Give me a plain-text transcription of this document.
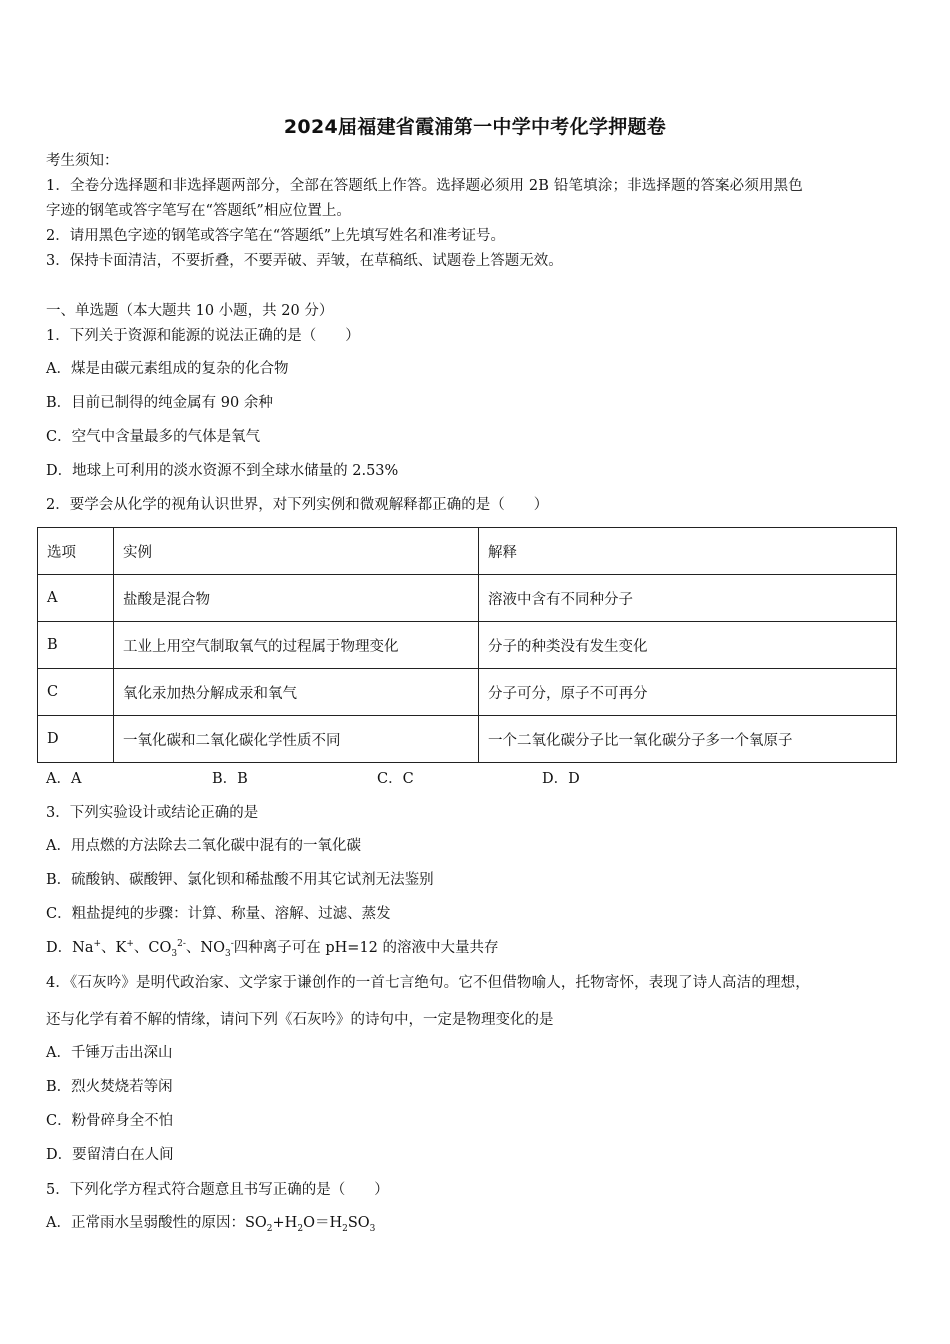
2024届福建省霞浦第一中学中考化学押题卷
考生须知：
1．全卷分选择题和非选择题两部分，全部在答题纸上作答。选择题必须用 2B 铅笔填涂；非选择题的答案必须用黑色
字迹的钢笔或答字笔写在“答题纸”相应位置上。
2．请用黑色字迹的钢笔或答字笔在“答题纸”上先填写姓名和准考证号。
3．保持卡面清洁，不要折叠，不要弄破、弄皱，在草稿纸、试题卷上答题无效。
一、单选题（本大题共 10 小题，共 20 分）
1．下列关于资源和能源的说法正确的是（　　）
A．煤是由碳元素组成的复杂的化合物
B．目前已制得的纯金属有 90 余种
C．空气中含量最多的气体是氧气
D．地球上可利用的淡水资源不到全球水储量的 2.53%
2．要学会从化学的视角认识世界，对下列实例和微观解释都正确的是（　　）
选项	实例	解释
A	盐酸是混合物	溶液中含有不同种分子
B	工业上用空气制取氧气的过程属于物理变化	分子的种类没有发生变化
C	氧化汞加热分解成汞和氧气	分子可分，原子不可再分
D	一氧化碳和二氧化碳化学性质不同	一个二氧化碳分子比一氧化碳分子多一个氧原子
A．A	B．B	C．C	D．D
3．下列实验设计或结论正确的是
A．用点燃的方法除去二氧化碳中混有的一氧化碳
B．硫酸钠、碳酸钾、氯化钡和稀盐酸不用其它试剂无法鉴别
C．粗盐提纯的步骤：计算、称量、溶解、过滤、蒸发
D．Na+、K+、$CO_3^{2-}$、$NO_3^-$四种离子可在 pH=12 的溶液中大量共存
4．《石灰吟》是明代政治家、文学家于谦创作的一首七言绝句。它不但借物喻人，托物寄怀，表现了诗人高洁的理想，
还与化学有着不解的情缘，请问下列《石灰吟》的诗句中，一定是物理变化的是
A．千锤万击出深山
B．烈火焚烧若等闲
C．粉骨碎身全不怕
D．要留清白在人间
5．下列化学方程式符合题意且书写正确的是（　　）
A．正常雨水呈弱酸性的原因：$SO_2+H_2O=H_2SO_3$
